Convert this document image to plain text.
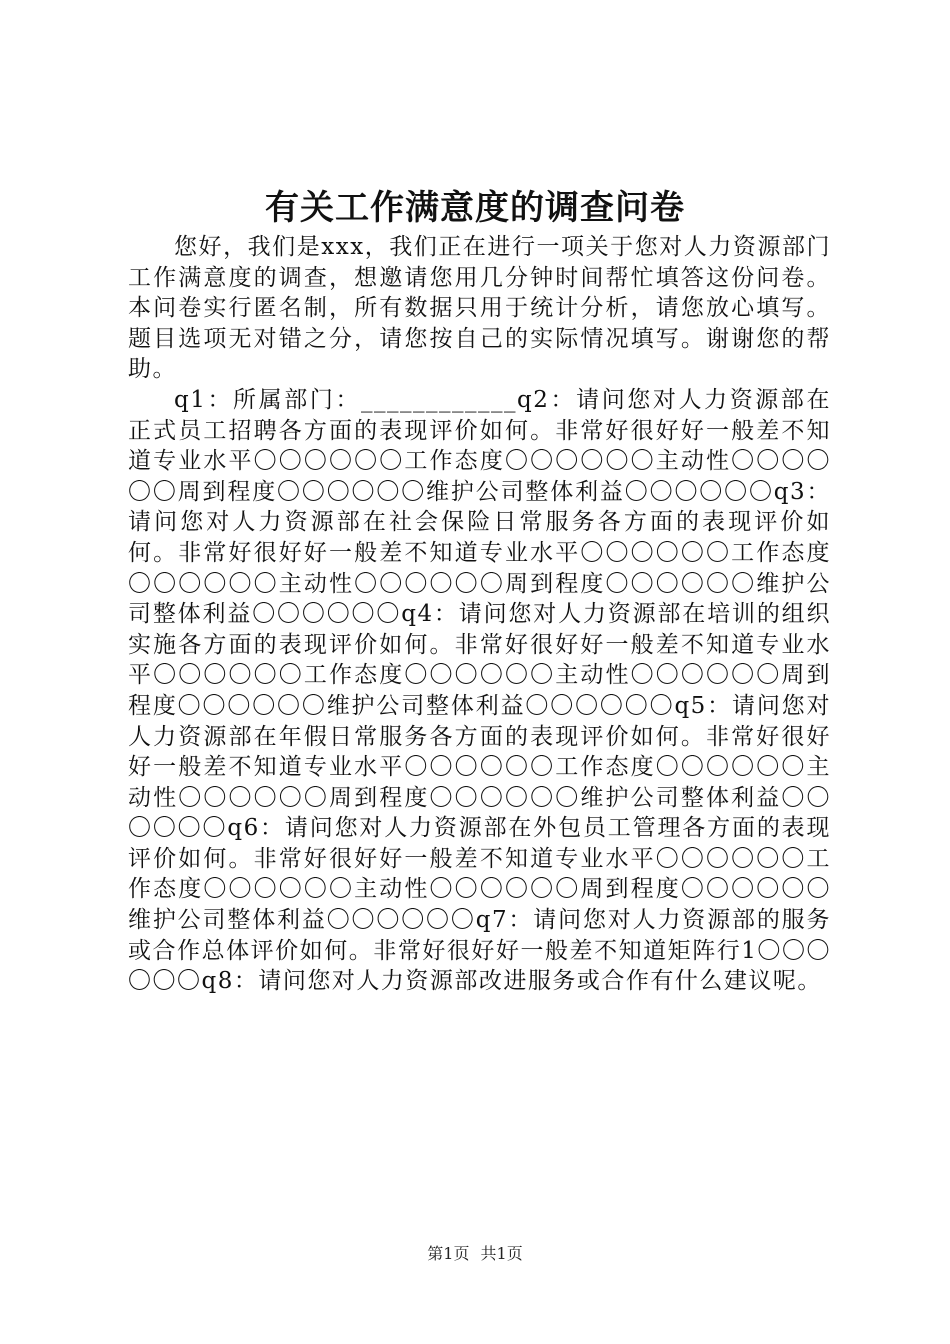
有关工作满意度的调查问卷

您好，我们是xxx，我们正在进行一项关于您对人力资源部门工作满意度的调查，想邀请您用几分钟时间帮忙填答这份问卷。本问卷实行匿名制，所有数据只用于统计分析，请您放心填写。题目选项无对错之分，请您按自己的实际情况填写。谢谢您的帮助。

q1：所属部门：____________q2：请问您对人力资源部在正式员工招聘各方面的表现评价如何。非常好很好好一般差不知道专业水平〇〇〇〇〇〇工作态度〇〇〇〇〇〇主动性〇〇〇〇〇〇周到程度〇〇〇〇〇〇维护公司整体利益〇〇〇〇〇〇q3：请问您对人力资源部在社会保险日常服务各方面的表现评价如何。非常好很好好一般差不知道专业水平〇〇〇〇〇〇工作态度〇〇〇〇〇〇主动性〇〇〇〇〇〇周到程度〇〇〇〇〇〇维护公司整体利益〇〇〇〇〇〇q4：请问您对人力资源部在培训的组织实施各方面的表现评价如何。非常好很好好一般差不知道专业水平〇〇〇〇〇〇工作态度〇〇〇〇〇〇主动性〇〇〇〇〇〇周到程度〇〇〇〇〇〇维护公司整体利益〇〇〇〇〇〇q5：请问您对人力资源部在年假日常服务各方面的表现评价如何。非常好很好好一般差不知道专业水平〇〇〇〇〇〇工作态度〇〇〇〇〇〇主动性〇〇〇〇〇〇周到程度〇〇〇〇〇〇维护公司整体利益〇〇〇〇〇〇q6：请问您对人力资源部在外包员工管理各方面的表现评价如何。非常好很好好一般差不知道专业水平〇〇〇〇〇〇工作态度〇〇〇〇〇〇主动性〇〇〇〇〇〇周到程度〇〇〇〇〇〇维护公司整体利益〇〇〇〇〇〇q7：请问您对人力资源部的服务或合作总体评价如何。非常好很好好一般差不知道矩阵行1〇〇〇〇〇〇q8：请问您对人力资源部改进服务或合作有什么建议呢。

第1页 共1页
